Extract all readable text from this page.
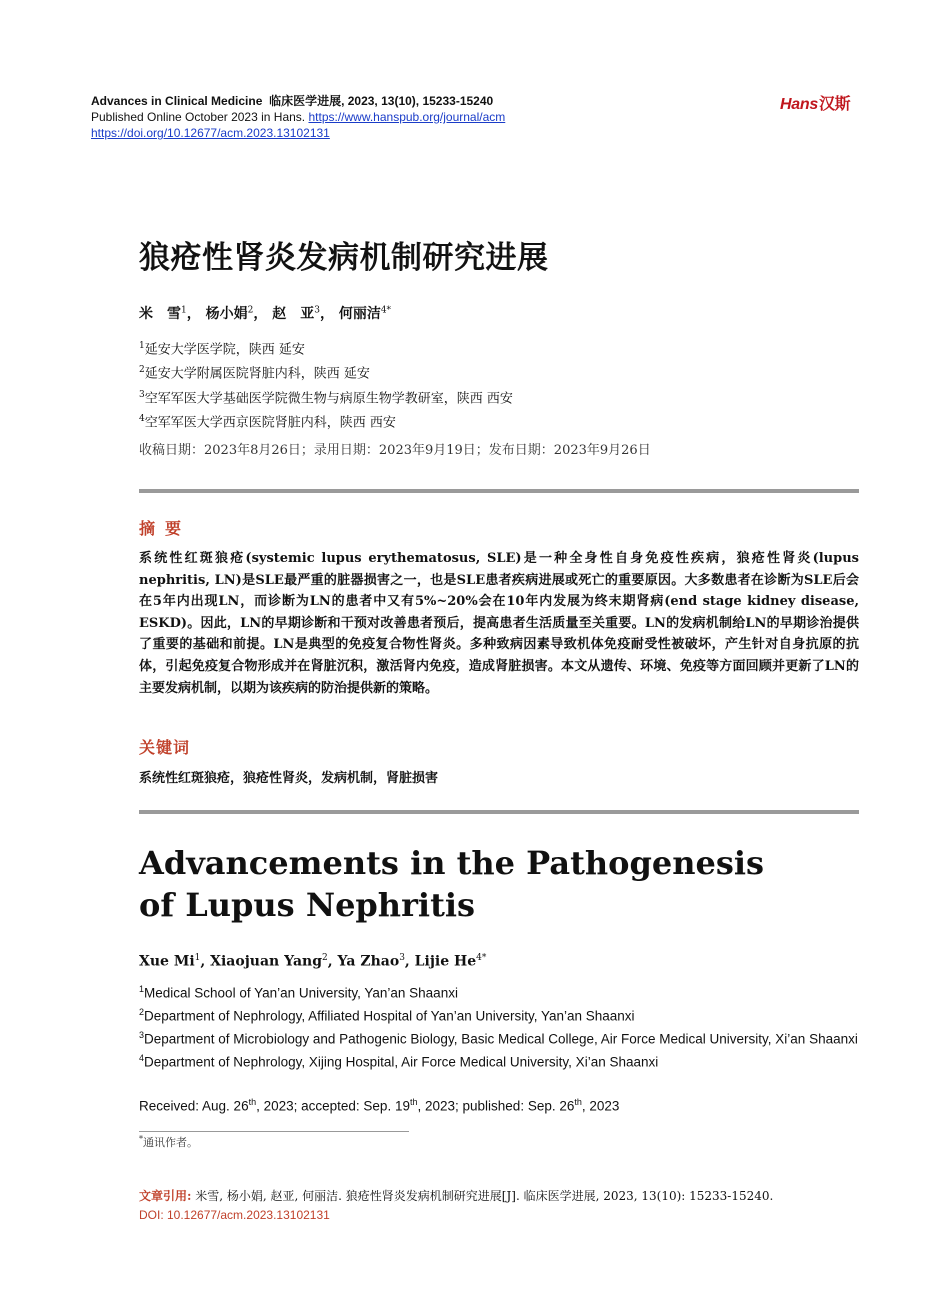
Advances in Clinical Medicine 临床医学进展, 2023, 13(10), 15233-15240
Published Online October 2023 in Hans. https://www.hanspub.org/journal/acm
https://doi.org/10.12677/acm.2023.13102131
Hans汉斯
狼疮性肾炎发病机制研究进展
米　雪$^1$， 杨小娟$^2$， 赵　亚$^3$， 何丽洁$^{4*}$
$^1$延安大学医学院，陕西 延安
$^2$延安大学附属医院肾脏内科，陕西 延安
$^3$空军军医大学基础医学院微生物与病原生物学教研室，陕西 西安
$^4$空军军医大学西京医院肾脏内科，陕西 西安
收稿日期：2023年8月26日；录用日期：2023年9月19日；发布日期：2023年9月26日
摘要
系统性红斑狼疮(systemic lupus erythematosus, SLE)是一种全身性自身免疫性疾病，狼疮性肾炎(lupus nephritis, LN)是SLE最严重的脏器损害之一，也是SLE患者疾病进展或死亡的重要原因。大多数患者在诊断为SLE后会在5年内出现LN，而诊断为LN的患者中又有5%~20%会在10年内发展为终末期肾病(end stage kidney disease, ESKD)。因此，LN的早期诊断和干预对改善患者预后，提高患者生活质量至关重要。LN的发病机制给LN的早期诊治提供了重要的基础和前提。LN是典型的免疫复合物性肾炎。多种致病因素导致机体免疫耐受性被破坏，产生针对自身抗原的抗体，引起免疫复合物形成并在肾脏沉积，激活肾内免疫，造成肾脏损害。本文从遗传、环境、免疫等方面回顾并更新了LN的主要发病机制，以期为该疾病的防治提供新的策略。
关键词
系统性红斑狼疮，狼疮性肾炎，发病机制，肾脏损害
Advancements in the Pathogenesis
of Lupus Nephritis
Xue Mi$^1$, Xiaojuan Yang$^2$, Ya Zhao$^3$, Lijie $He^{4*}$
$^1$Medical School of Yan’an University, Yan’an Shaanxi
$^2$Department of Nephrology, Affiliated Hospital of Yan’an University, Yan’an Shaanxi
$^3$Department of Microbiology and Pathogenic Biology, Basic Medical College, Air Force Medical University, Xi’an Shaanxi
$^4$Department of Nephrology, Xijing Hospital, Air Force Medical University, Xi’an Shaanxi
Received: Aug. 26th, 2023; accepted: Sep. 19th, 2023; published: Sep. 26th, 2023
*通讯作者。
文章引用: 米雪, 杨小娟, 赵亚, 何丽洁. 狼疮性肾炎发病机制研究进展[J]. 临床医学进展, 2023, 13(10): 15233-15240.
DOI: 10.12677/acm.2023.13102131
